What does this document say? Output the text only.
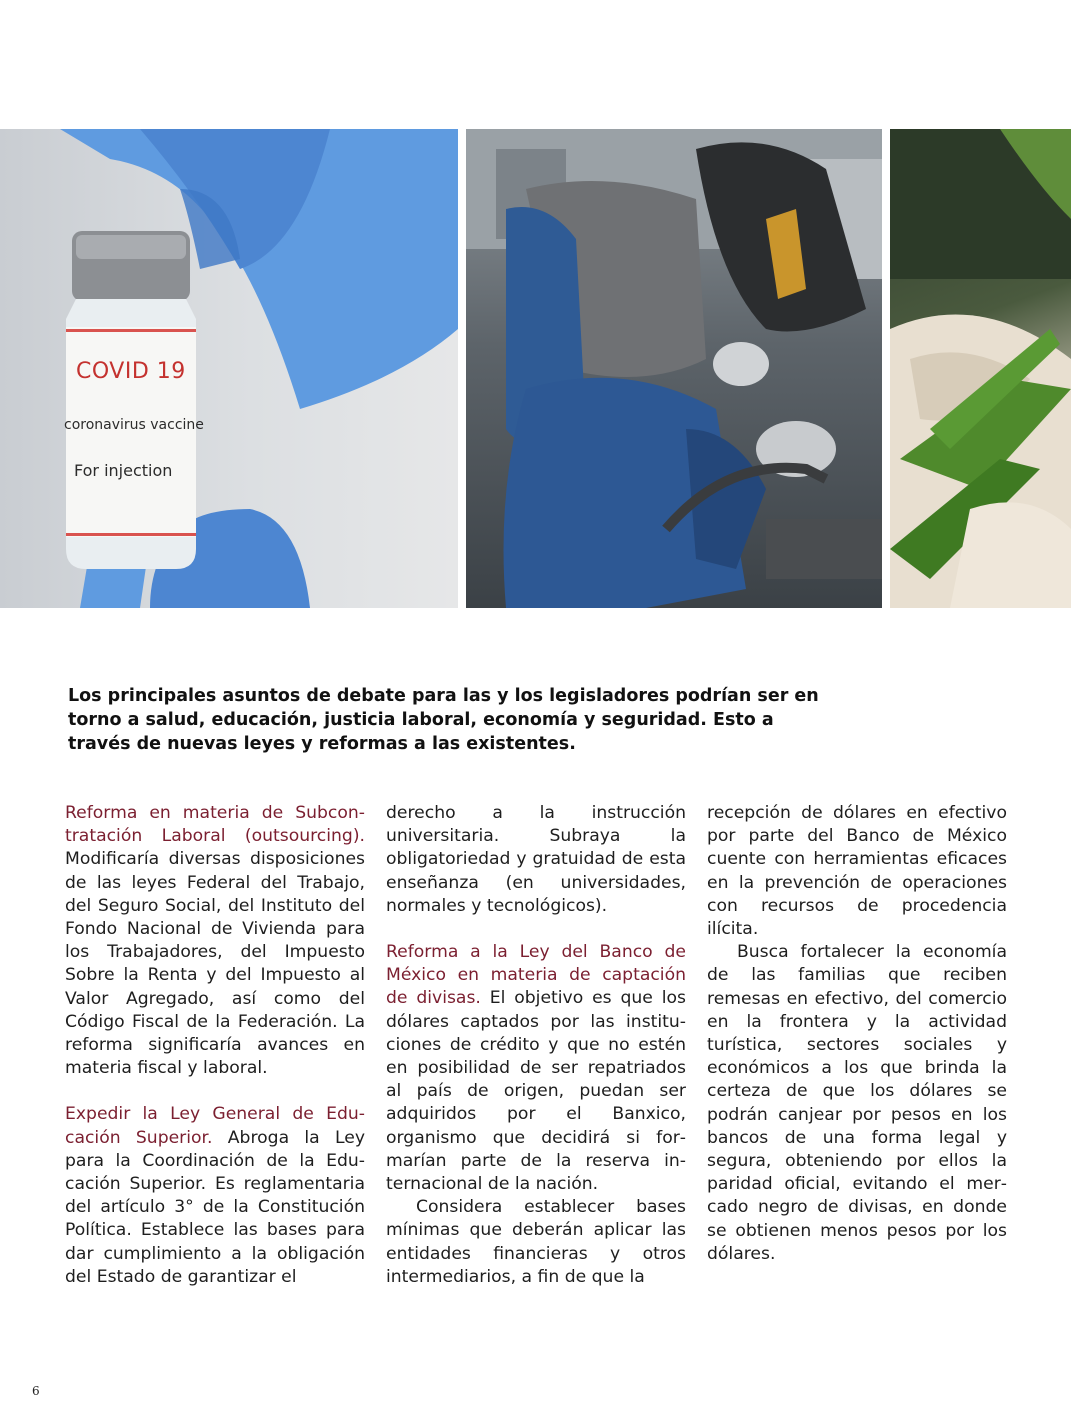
COVID 19
coronavirus vaccine
For injection

Los principales asuntos de debate para las y los legisladores podrían ser en torno a salud, educación, justicia laboral, economía y seguridad. Esto a través de nuevas leyes y reformas a las existentes.

Reforma en materia de Subcontratación Laboral (outsourcing). Modificaría diversas disposiciones de las leyes Federal del Trabajo, del Seguro Social, del Instituto del Fondo Nacional de Vivienda para los Trabajadores, del Impuesto Sobre la Renta y del Impuesto al Valor Agregado, así como del Código Fiscal de la Federación. La reforma significaría avances en materia fiscal y laboral.

Expedir la Ley General de Educación Superior. Abroga la Ley para la Coordinación de la Educación Superior. Es reglamentaria del artículo 3° de la Constitución Política. Establece las bases para dar cumplimiento a la obligación del Estado de garantizar el

derecho a la instrucción universitaria. Subraya la obligatoriedad y gratuidad de esta enseñanza (en universidades, normales y tecnológicos).

Reforma a la Ley del Banco de México en materia de captación de divisas. El objetivo es que los dólares captados por las instituciones de crédito y que no estén en posibilidad de ser repatriados al país de origen, puedan ser adquiridos por el Banxico, organismo que decidirá si formarían parte de la reserva internacional de la nación.

Considera establecer bases mínimas que deberán aplicar las entidades financieras y otros intermediarios, a fin de que la

recepción de dólares en efectivo por parte del Banco de México cuente con herramientas eficaces en la prevención de operaciones con recursos de procedencia ilícita.

Busca fortalecer la economía de las familias que reciben remesas en efectivo, del comercio en la frontera y la actividad turística, sectores sociales y económicos a los que brinda la certeza de que los dólares se podrán canjear por pesos en los bancos de una forma legal y segura, obteniendo por ellos la paridad oficial, evitando el mercado negro de divisas, en donde se obtienen menos pesos por los dólares.

6
